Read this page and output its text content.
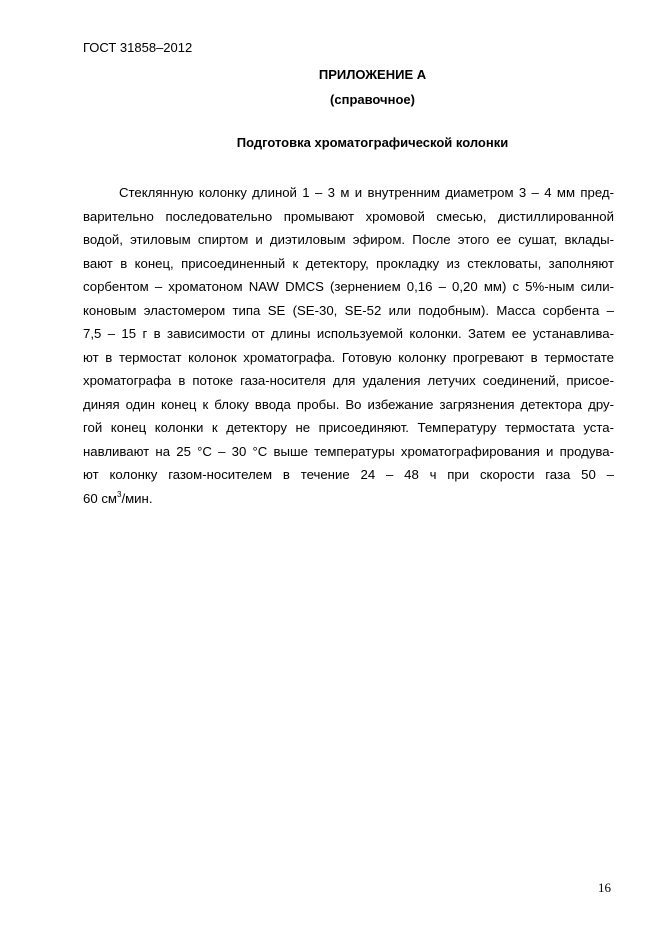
ГОСТ 31858–2012
ПРИЛОЖЕНИЕ А
(справочное)
Подготовка хроматографической колонки
Стеклянную колонку длиной 1 – 3 м и внутренним диаметром 3 – 4 мм пред-
варительно последовательно промывают хромовой смесью, дистиллированной
водой, этиловым спиртом и диэтиловым эфиром. После этого ее сушат, вклады-
вают в конец, присоединенный к детектору, прокладку из стекловаты, заполняют
сорбентом – хроматоном NAW DMCS (зернением 0,16 – 0,20 мм) с 5%-ным сили-
коновым эластомером типа SE (SE-30, SE-52 или подобным). Масса сорбента –
7,5 – 15 г в зависимости от длины используемой колонки. Затем ее устанавлива-
ют в термостат колонок хроматографа. Готовую колонку прогревают в термостате
хроматографа в потоке газа-носителя для удаления летучих соединений, присое-
диняя один конец к блоку ввода пробы. Во избежание загрязнения детектора дру-
гой конец колонки к детектору не присоединяют. Температуру термостата уста-
навливают на 25 °С – 30 °С выше температуры хроматографирования и продува-
ют колонку газом-носителем в течение 24 – 48 ч при скорости газа 50 –
60 $см^3$/мин.
16
